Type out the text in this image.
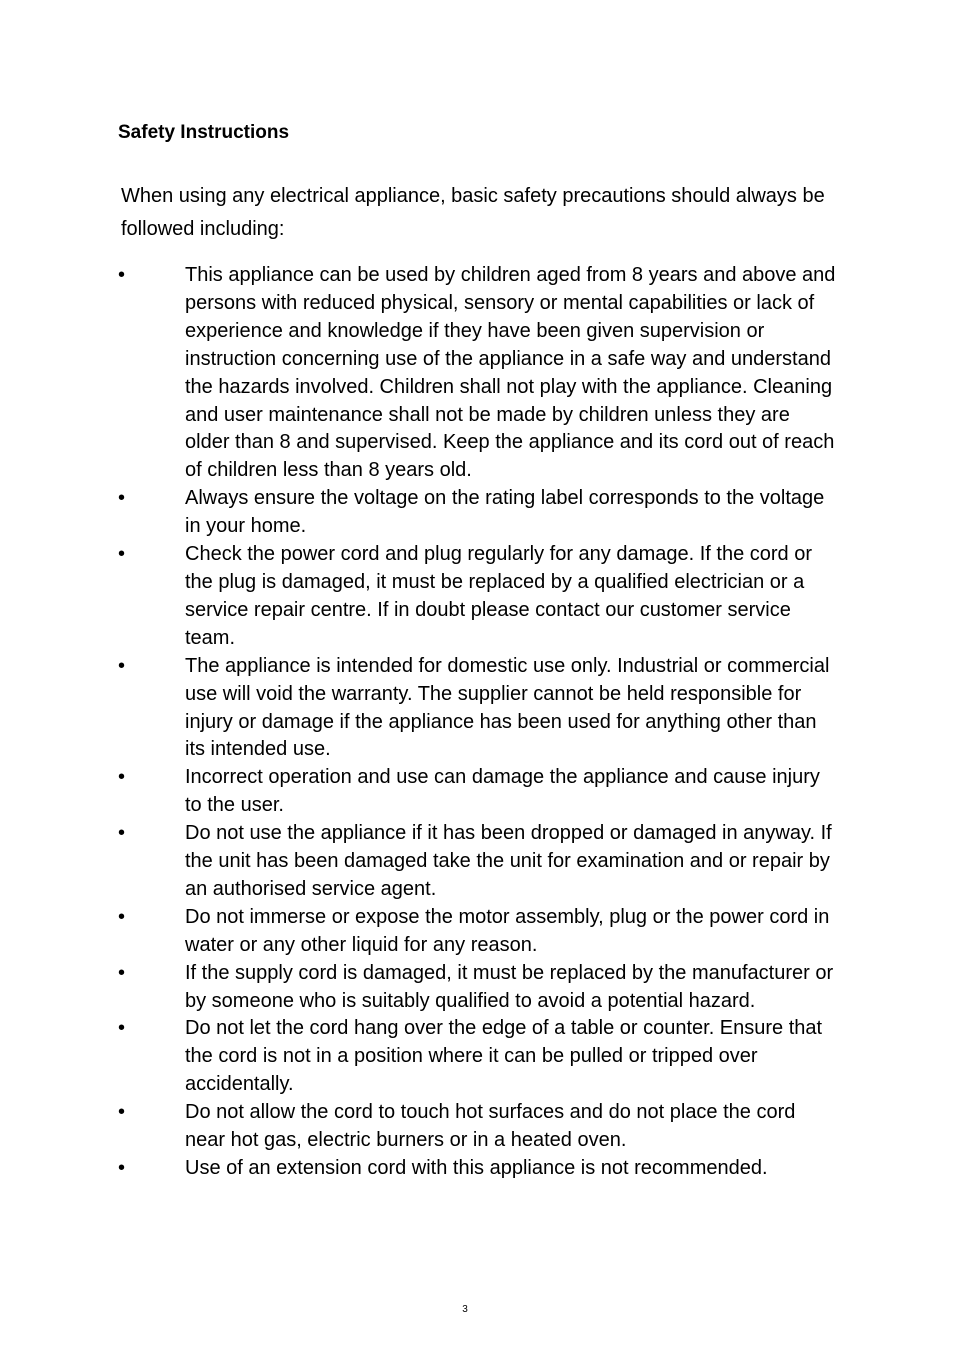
Safety Instructions

When using any electrical appliance, basic safety precautions should always be followed including:

•	This appliance can be used by children aged from 8 years and above and persons with reduced physical, sensory or mental capabilities or lack of experience and knowledge if they have been given supervision or instruction concerning use of the appliance in a safe way and understand the hazards involved. Children shall not play with the appliance. Cleaning and user maintenance shall not be made by children unless they are older than 8 and supervised. Keep the appliance and its cord out of reach of children less than 8 years old.
•	Always ensure the voltage on the rating label corresponds to the voltage in your home.
•	Check the power cord and plug regularly for any damage. If the cord or the plug is damaged, it must be replaced by a qualified electrician or a service repair centre. If in doubt please contact our customer service team.
•	The appliance is intended for domestic use only. Industrial or commercial use will void the warranty. The supplier cannot be held responsible for injury or damage if the appliance has been used for anything other than its intended use.
•	Incorrect operation and use can damage the appliance and cause injury to the user.
•	Do not use the appliance if it has been dropped or damaged in anyway. If the unit has been damaged take the unit for examination and or repair by an authorised service agent.
•	Do not immerse or expose the motor assembly, plug or the power cord in water or any other liquid for any reason.
•	If the supply cord is damaged, it must be replaced by the manufacturer or by someone who is suitably qualified to avoid a potential hazard.
•	Do not let the cord hang over the edge of a table or counter. Ensure that the cord is not in a position where it can be pulled or tripped over accidentally.
•	Do not allow the cord to touch hot surfaces and do not place the cord near hot gas, electric burners or in a heated oven.
•	Use of an extension cord with this appliance is not recommended.
3
